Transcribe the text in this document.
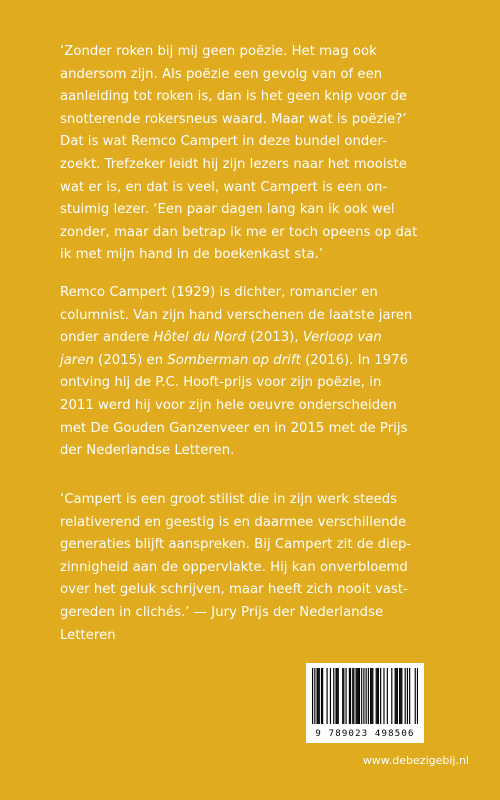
‘Zonder roken bij mij geen poëzie. Het mag ook
andersom zijn. Als poëzie een gevolg van of een
aanleiding tot roken is, dan is het geen knip voor de
snotterende rokersneus waard. Maar wat is poëzie?’
Dat is wat Remco Campert in deze bundel onder-
zoekt. Trefzeker leidt hij zijn lezers naar het mooiste
wat er is, en dat is veel, want Campert is een on-
stuimig lezer. ‘Een paar dagen lang kan ik ook wel
zonder, maar dan betrap ik me er toch opeens op dat
ik met mijn hand in de boekenkast sta.’
Remco Campert (1929) is dichter, romancier en
columnist. Van zijn hand verschenen de laatste jaren
onder andere Hôtel du Nord (2013), Verloop van
jaren (2015) en Somberman op drift (2016). In 1976
ontving hij de P.C. Hooft-prijs voor zijn poëzie, in
2011 werd hij voor zijn hele oeuvre onderscheiden
met De Gouden Ganzenveer en in 2015 met de Prijs
der Nederlandse Letteren.
‘Campert is een groot stilist die in zijn werk steeds
relativerend en geestig is en daarmee verschillende
generaties blijft aanspreken. Bij Campert zit de diep-
zinnigheid aan de oppervlakte. Hij kan onverbloemd
over het geluk schrijven, maar heeft zich nooit vast-
gereden in clichés.’ — Jury Prijs der Nederlandse
Letteren
9 789023 498506
www.debezigebij.nl
